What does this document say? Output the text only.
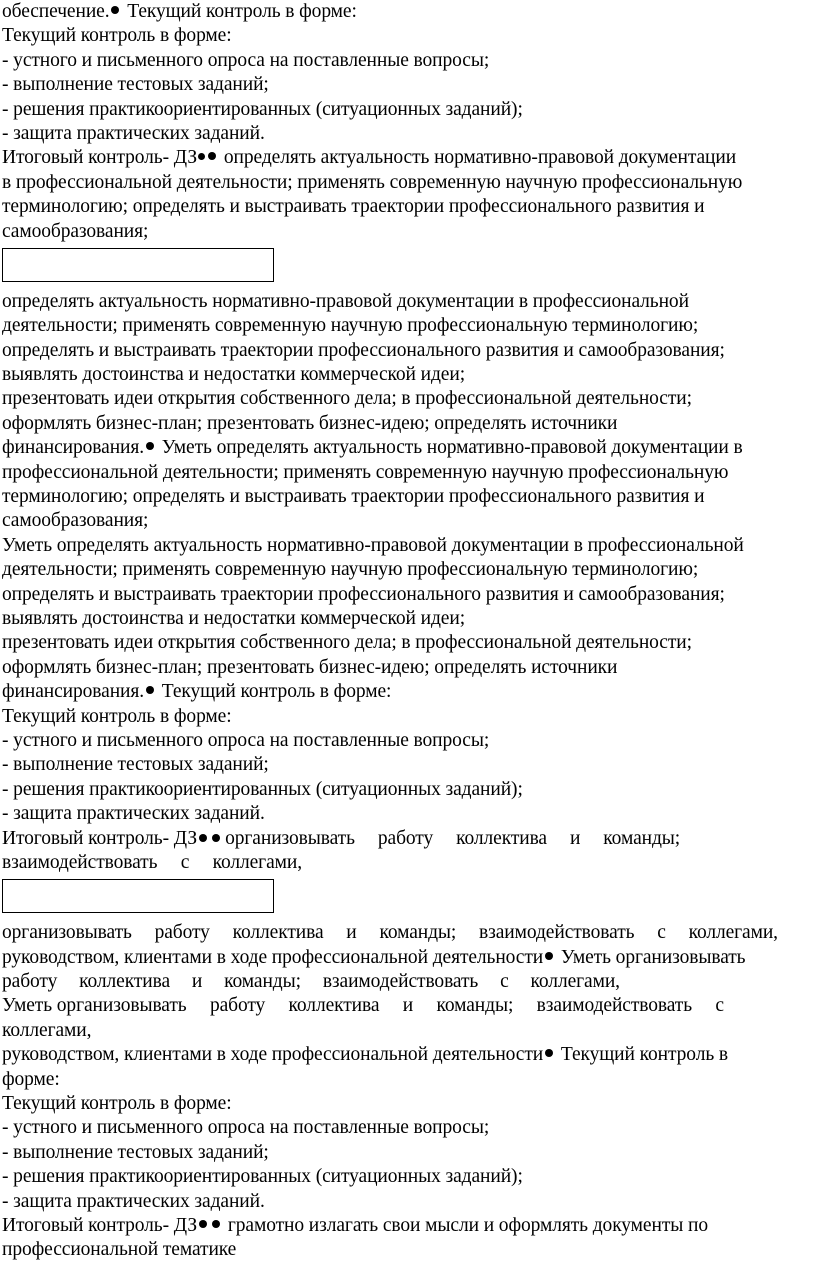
обеспечение. Текущий контроль в форме:
Текущий контроль в форме:
- устного и письменного опроса на поставленные вопросы;
- выполнение тестовых заданий;
- решения практикоориентированных (ситуационных заданий);
- защита практических заданий.
Итоговый контроль- ДЗ определять актуальность нормативно-правовой документации
в профессиональной деятельности; применять современную научную профессиональную
терминологию; определять и выстраивать траектории профессионального развития и
самообразования;
определять актуальность нормативно-правовой документации в профессиональной
деятельности; применять современную научную профессиональную терминологию;
определять и выстраивать траектории профессионального развития и самообразования;
выявлять достоинства и недостатки коммерческой идеи;
презентовать идеи открытия собственного дела; в профессиональной деятельности;
оформлять бизнес-план; презентовать бизнес-идею; определять источники
финансирования. Уметь определять актуальность нормативно-правовой документации в
профессиональной деятельности; применять современную научную профессиональную
терминологию; определять и выстраивать траектории профессионального развития и
самообразования;
Уметь определять актуальность нормативно-правовой документации в профессиональной
деятельности; применять современную научную профессиональную терминологию;
определять и выстраивать траектории профессионального развития и самообразования;
выявлять достоинства и недостатки коммерческой идеи;
презентовать идеи открытия собственного дела; в профессиональной деятельности;
оформлять бизнес-план; презентовать бизнес-идею; определять источники
финансирования. Текущий контроль в форме:
Текущий контроль в форме:
- устного и письменного опроса на поставленные вопросы;
- выполнение тестовых заданий;
- решения практикоориентированных (ситуационных заданий);
- защита практических заданий.
Итоговый контроль- ДЗ организовывать работу коллектива и команды;
взаимодействовать с коллегами,
организовывать работу коллектива и команды; взаимодействовать с коллегами,
руководством, клиентами в ходе профессиональной деятельности Уметь организовывать
работу коллектива и команды; взаимодействовать с коллегами,
Уметь организовывать работу коллектива и команды; взаимодействовать с
коллегами,
руководством, клиентами в ходе профессиональной деятельности Текущий контроль в
форме:
Текущий контроль в форме:
- устного и письменного опроса на поставленные вопросы;
- выполнение тестовых заданий;
- решения практикоориентированных (ситуационных заданий);
- защита практических заданий.
Итоговый контроль- ДЗ грамотно излагать свои мысли и оформлять документы по
профессиональной тематике
